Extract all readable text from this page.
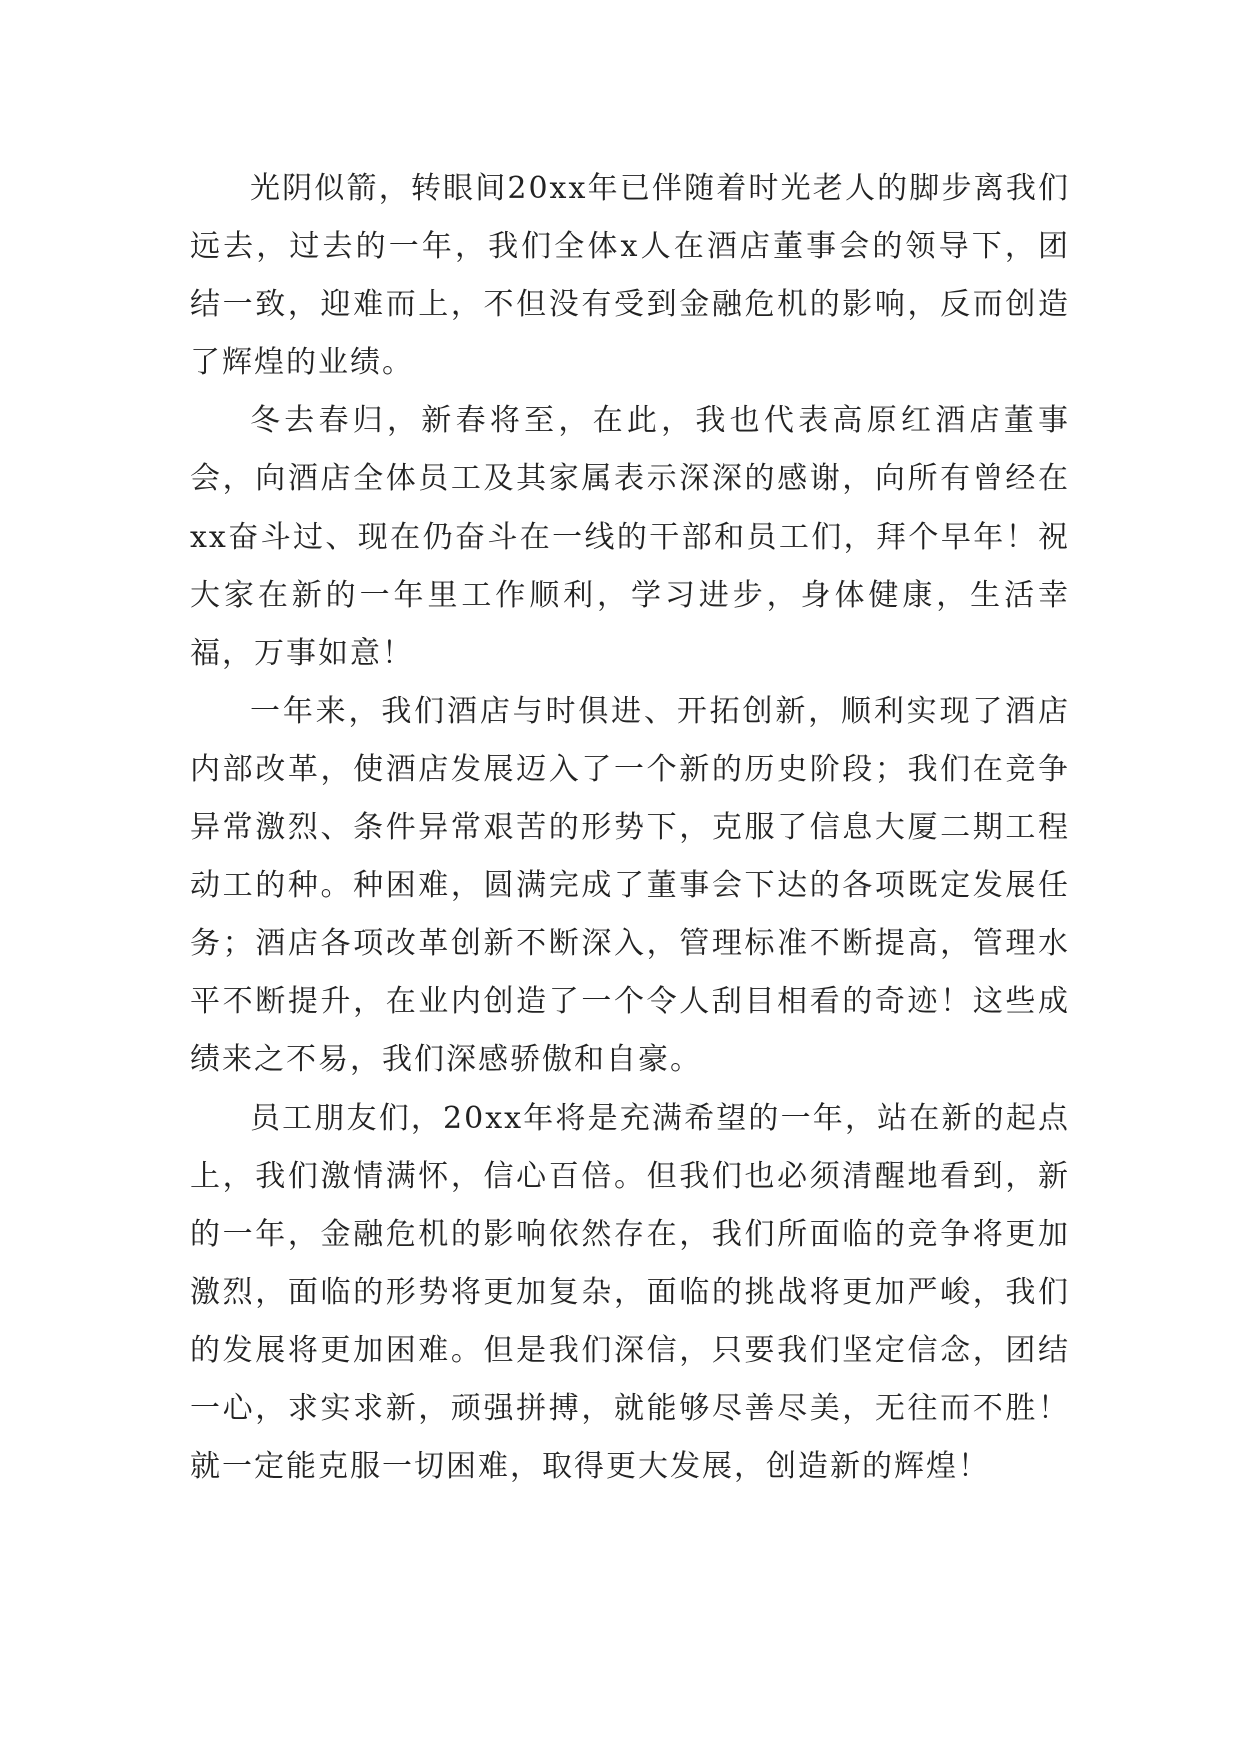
光阴似箭，转眼间20xx年已伴随着时光老人的脚步离我们远去，过去的一年，我们全体x人在酒店董事会的领导下，团结一致，迎难而上，不但没有受到金融危机的影响，反而创造了辉煌的业绩。

冬去春归，新春将至，在此，我也代表高原红酒店董事会，向酒店全体员工及其家属表示深深的感谢，向所有曾经在xx奋斗过、现在仍奋斗在一线的干部和员工们，拜个早年！祝大家在新的一年里工作顺利，学习进步，身体健康，生活幸福，万事如意！

一年来，我们酒店与时俱进、开拓创新，顺利实现了酒店内部改革，使酒店发展迈入了一个新的历史阶段；我们在竞争异常激烈、条件异常艰苦的形势下，克服了信息大厦二期工程动工的种。种困难，圆满完成了董事会下达的各项既定发展任务；酒店各项改革创新不断深入，管理标准不断提高，管理水平不断提升，在业内创造了一个令人刮目相看的奇迹！这些成绩来之不易，我们深感骄傲和自豪。

员工朋友们，20xx年将是充满希望的一年，站在新的起点上，我们激情满怀，信心百倍。但我们也必须清醒地看到，新的一年，金融危机的影响依然存在，我们所面临的竞争将更加激烈，面临的形势将更加复杂，面临的挑战将更加严峻，我们的发展将更加困难。但是我们深信，只要我们坚定信念，团结一心，求实求新，顽强拼搏，就能够尽善尽美，无往而不胜！就一定能克服一切困难，取得更大发展，创造新的辉煌！
